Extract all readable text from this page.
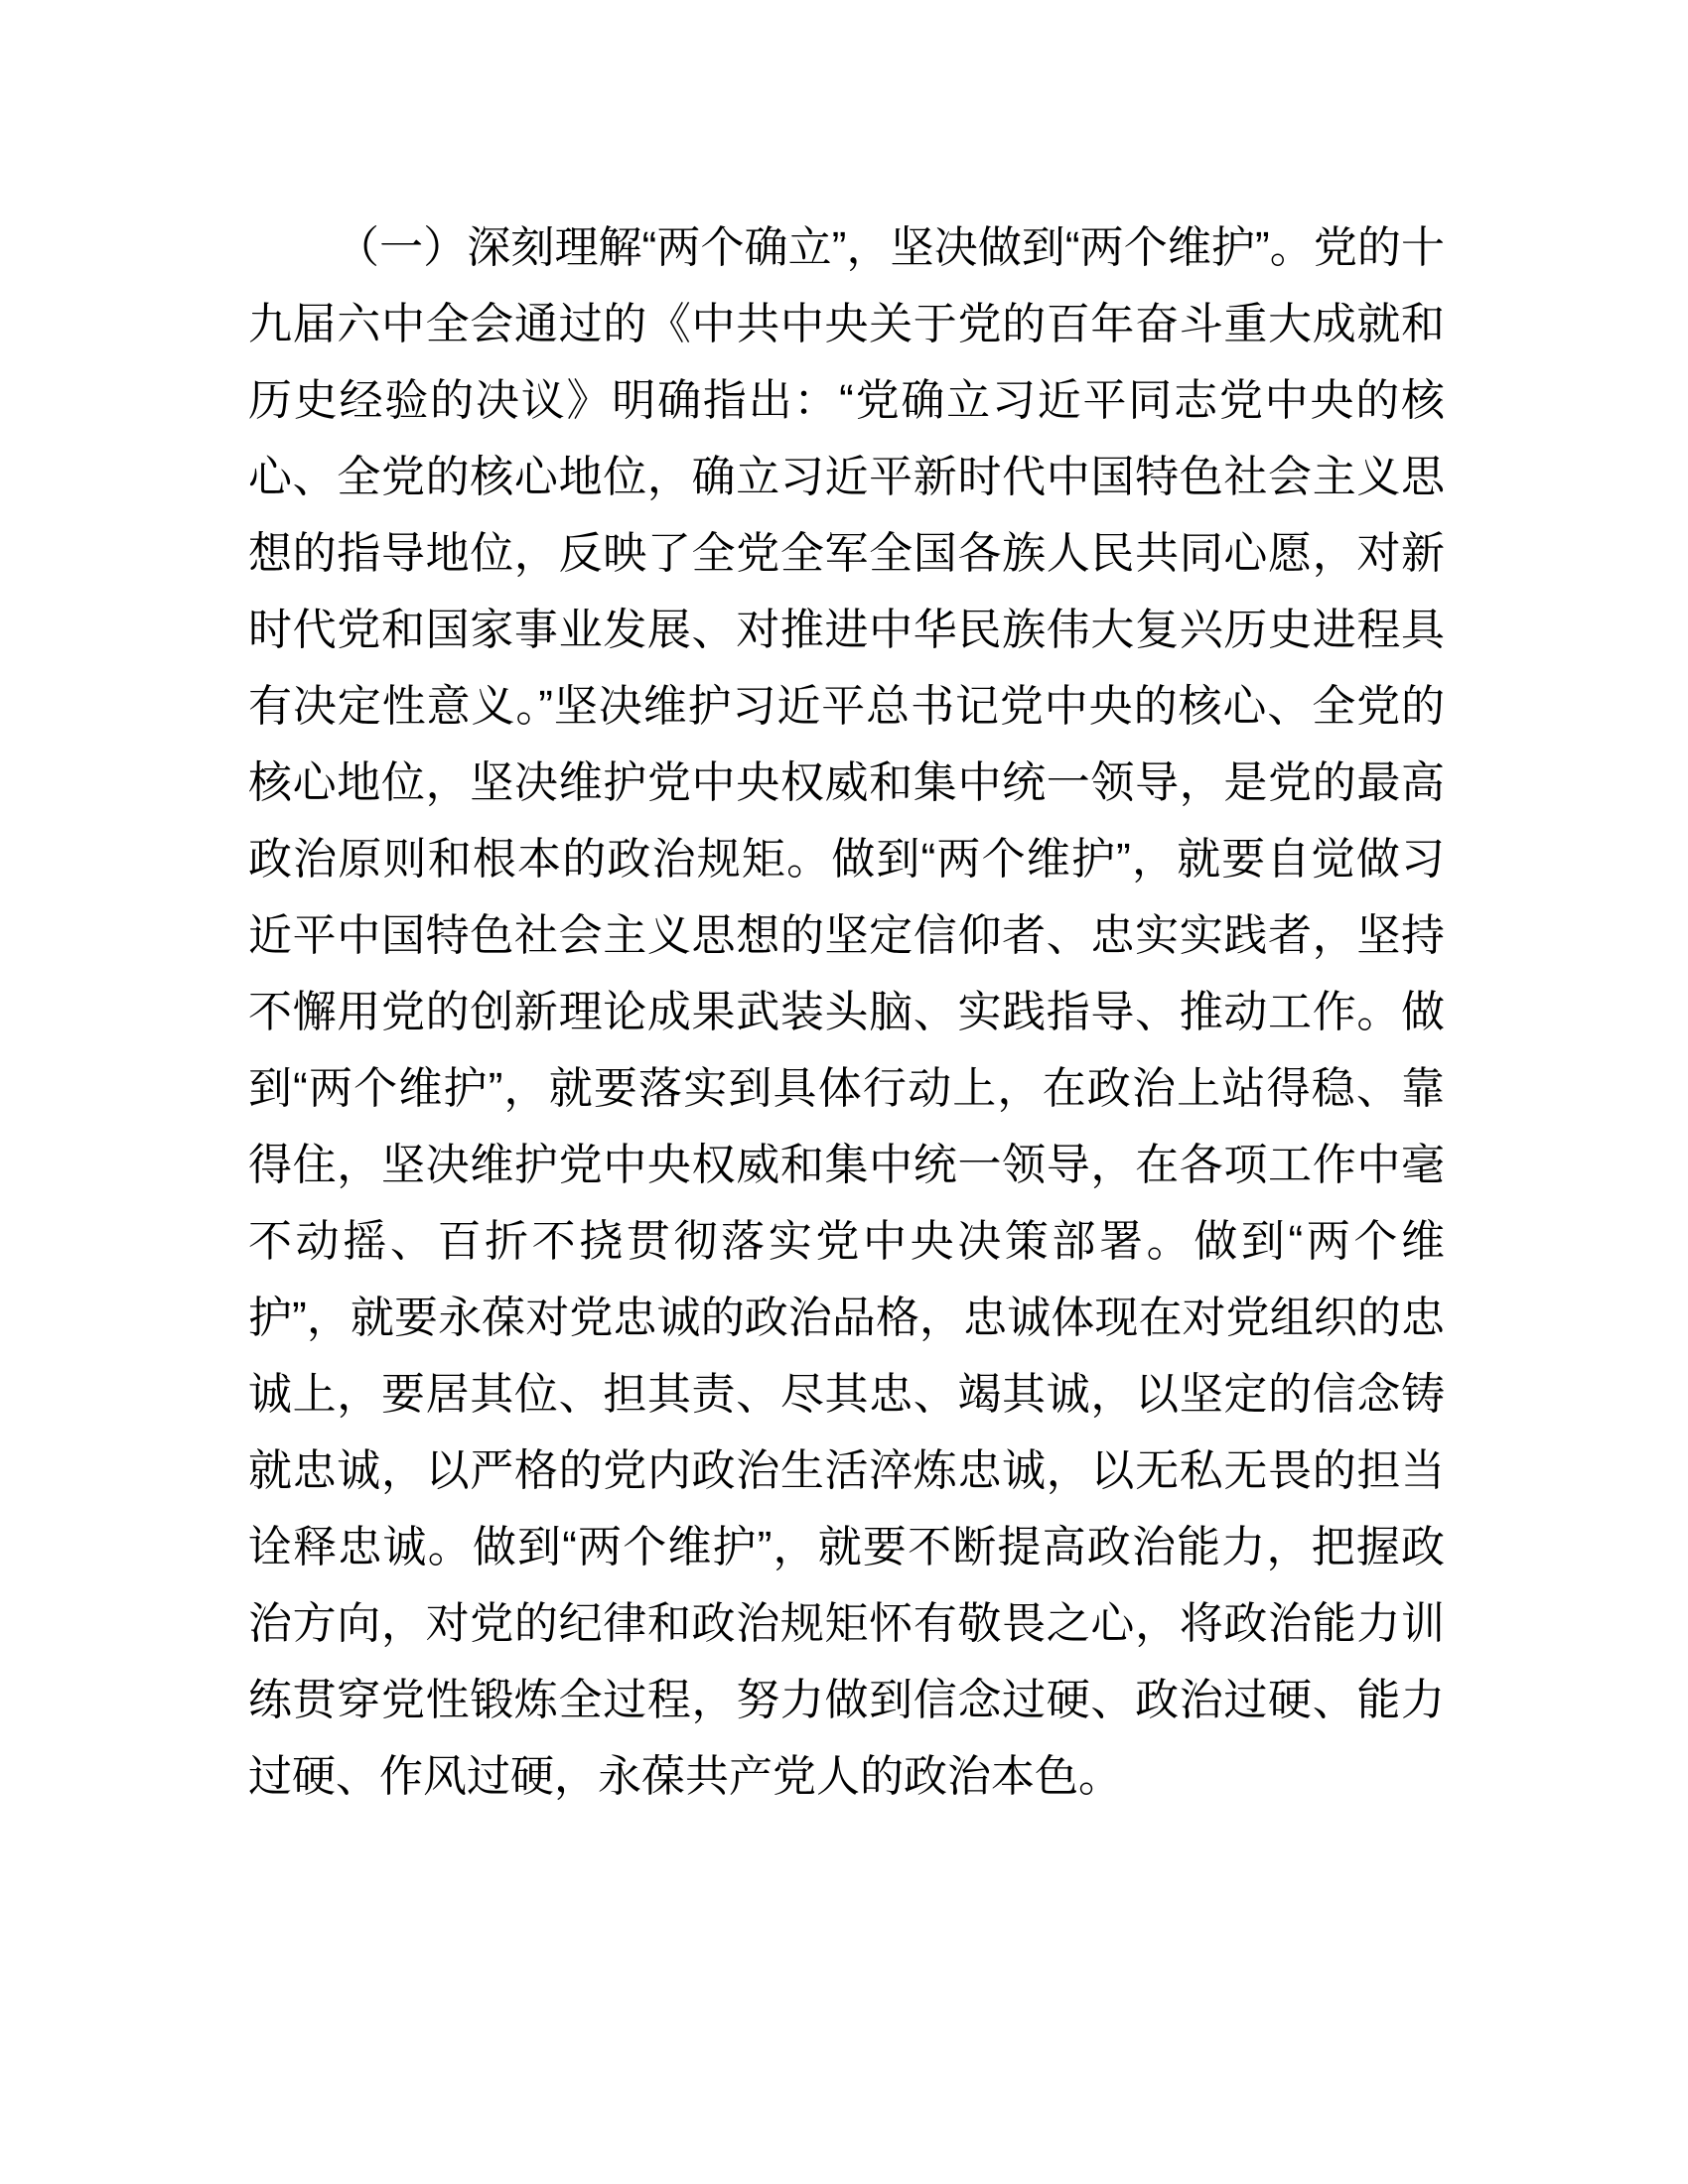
（一）深刻理解“两个确立”，坚决做到“两个维护”。党的十九届六中全会通过的《中共中央关于党的百年奋斗重大成就和历史经验的决议》明确指出：“党确立习近平同志党中央的核心、全党的核心地位，确立习近平新时代中国特色社会主义思想的指导地位，反映了全党全军全国各族人民共同心愿，对新时代党和国家事业发展、对推进中华民族伟大复兴历史进程具有决定性意义。”坚决维护习近平总书记党中央的核心、全党的核心地位，坚决维护党中央权威和集中统一领导，是党的最高政治原则和根本的政治规矩。做到“两个维护”，就要自觉做习近平中国特色社会主义思想的坚定信仰者、忠实实践者，坚持不懈用党的创新理论成果武装头脑、实践指导、推动工作。做到“两个维护”，就要落实到具体行动上，在政治上站得稳、靠得住，坚决维护党中央权威和集中统一领导，在各项工作中毫不动摇、百折不挠贯彻落实党中央决策部署。做到“两个维护”，就要永葆对党忠诚的政治品格，忠诚体现在对党组织的忠诚上，要居其位、担其责、尽其忠、竭其诚，以坚定的信念铸就忠诚，以严格的党内政治生活淬炼忠诚，以无私无畏的担当诠释忠诚。做到“两个维护”，就要不断提高政治能力，把握政治方向，对党的纪律和政治规矩怀有敬畏之心，将政治能力训练贯穿党性锻炼全过程，努力做到信念过硬、政治过硬、能力过硬、作风过硬，永葆共产党人的政治本色。
